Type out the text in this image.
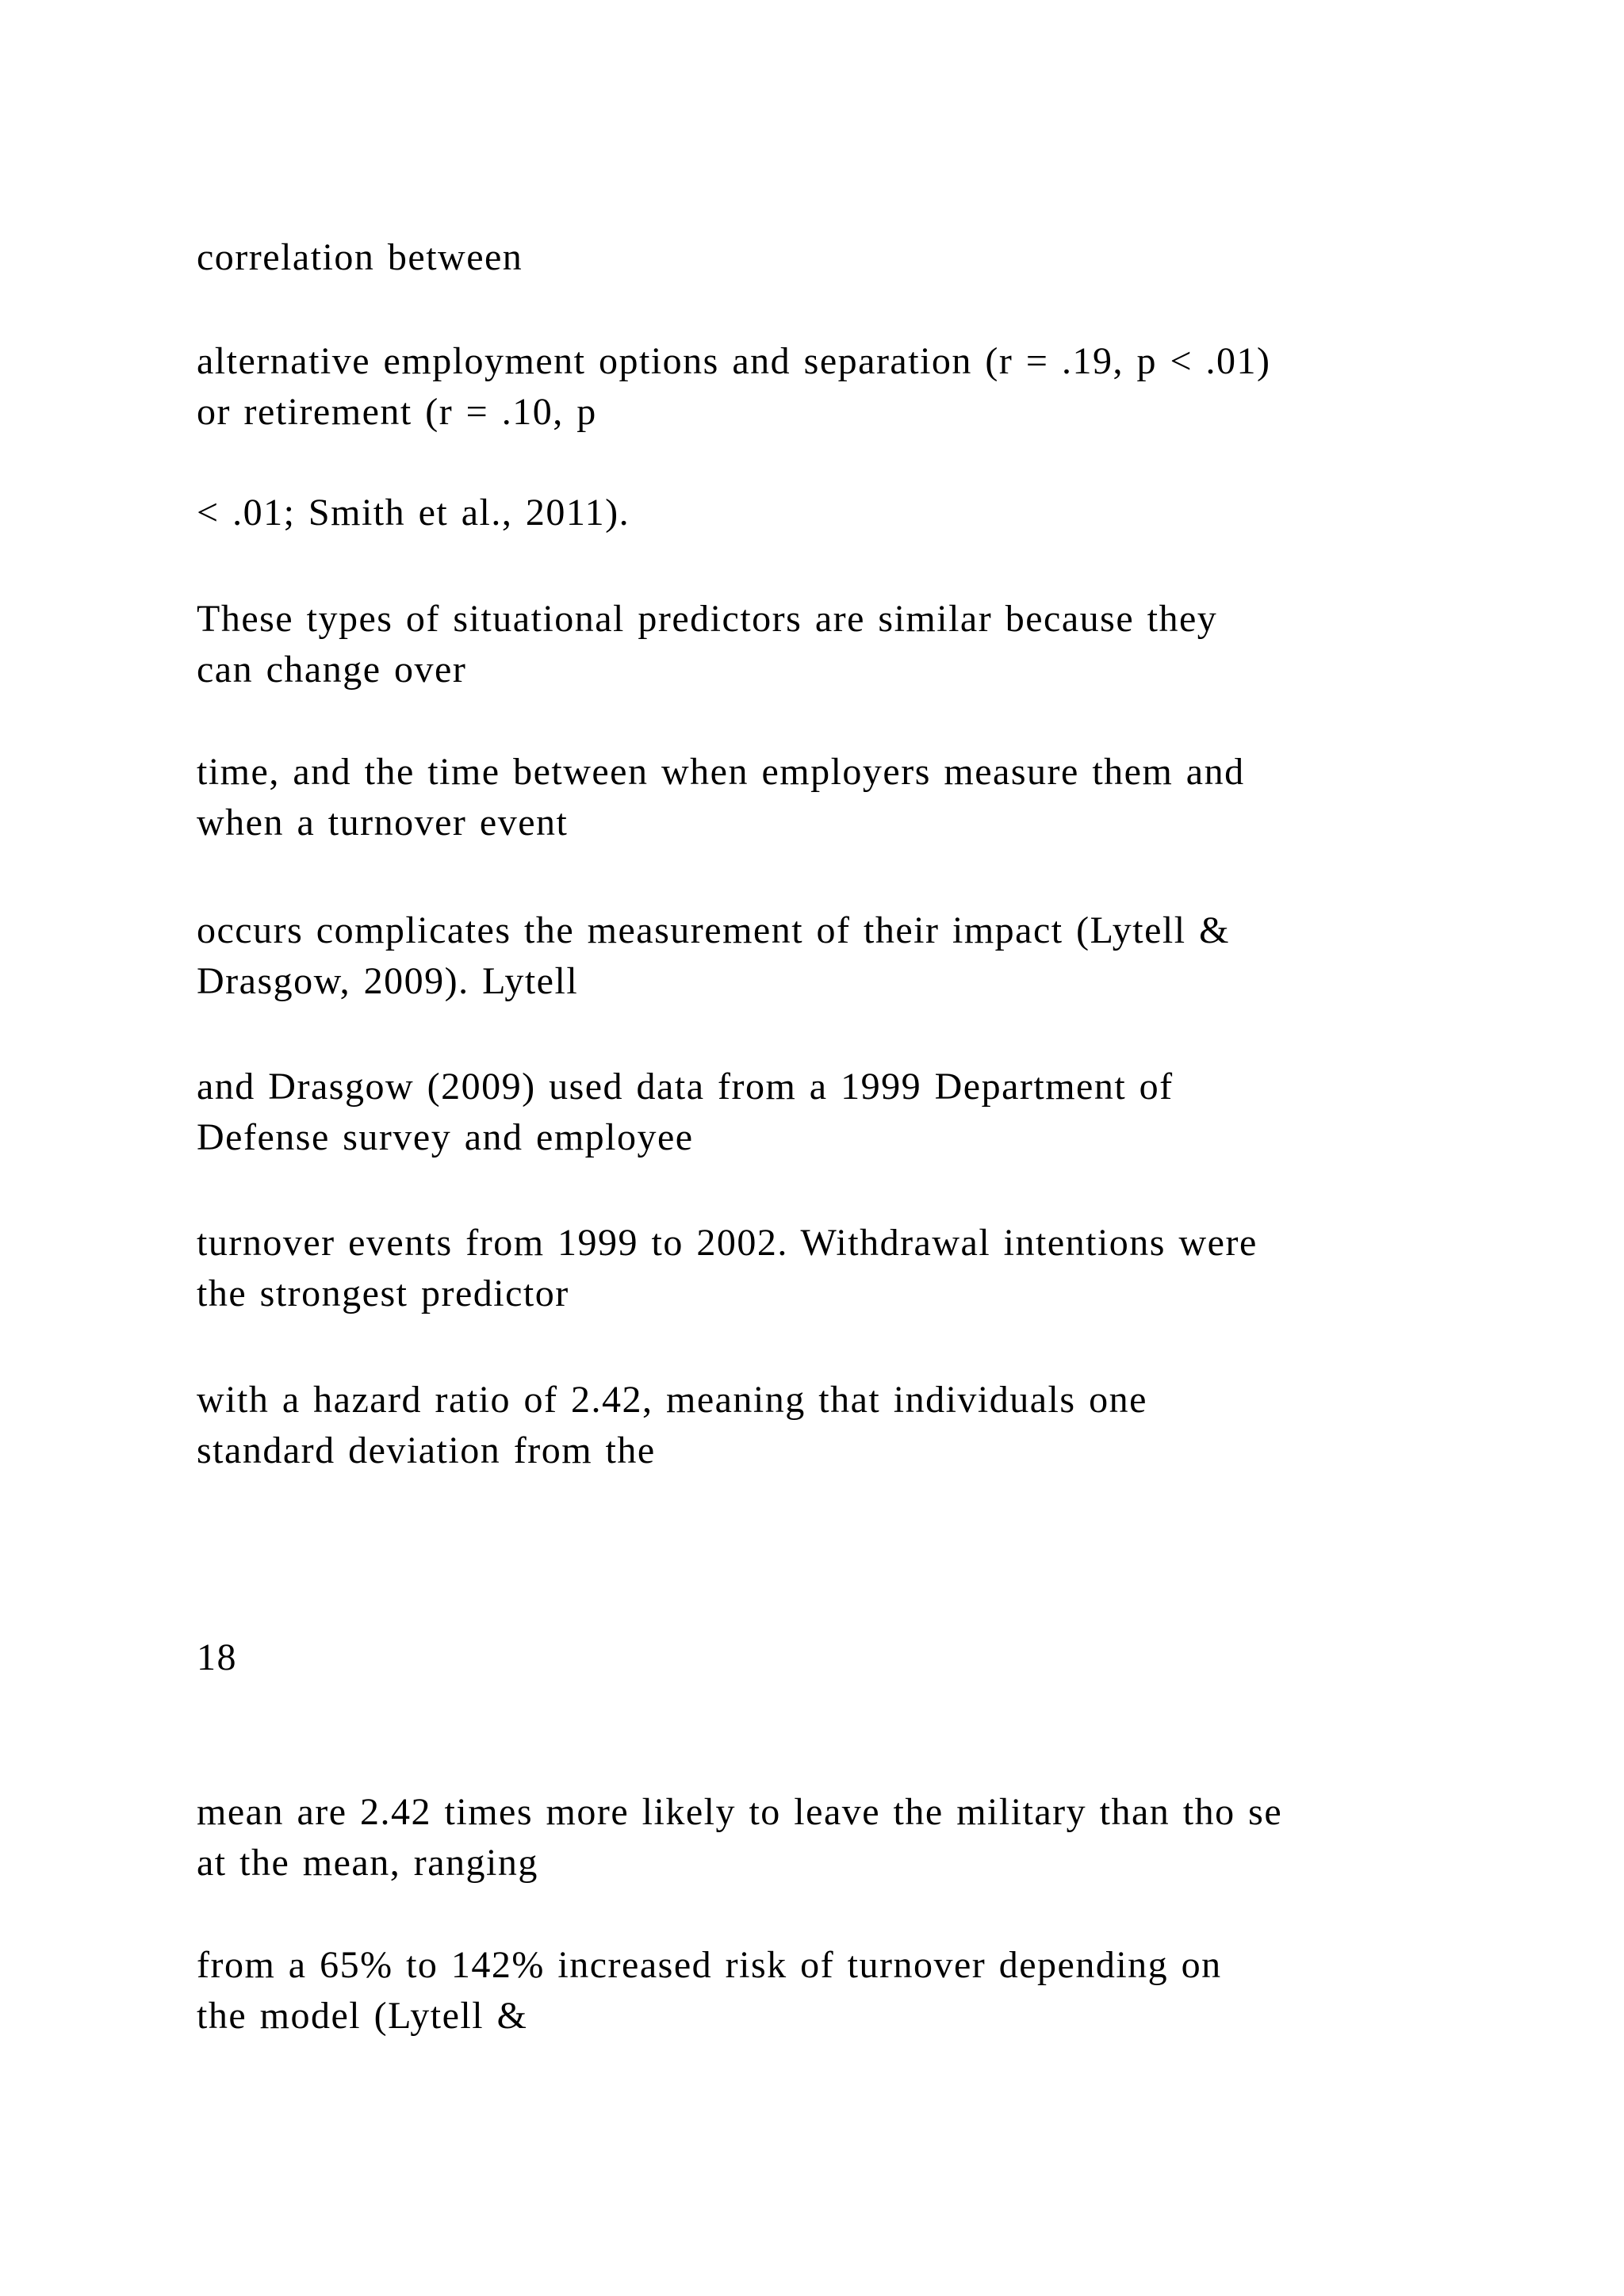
correlation between

alternative employment options and separation (r = .19, p < .01)
or retirement (r = .10, p

< .01; Smith et al., 2011).

These types of situational predictors are similar because they
can change over

time, and the time between when employers measure them and
when a turnover event

occurs complicates the measurement of their impact (Lytell &
Drasgow, 2009). Lytell

and Drasgow (2009) used data from a 1999 Department of
Defense survey and employee

turnover events from 1999 to 2002. Withdrawal intentions were
the strongest predictor

with a hazard ratio of 2.42, meaning that individuals one
standard deviation from the

18

mean are 2.42 times more likely to leave the military than tho se
at the mean, ranging

from a 65% to 142% increased risk of turnover depending on
the model (Lytell &
